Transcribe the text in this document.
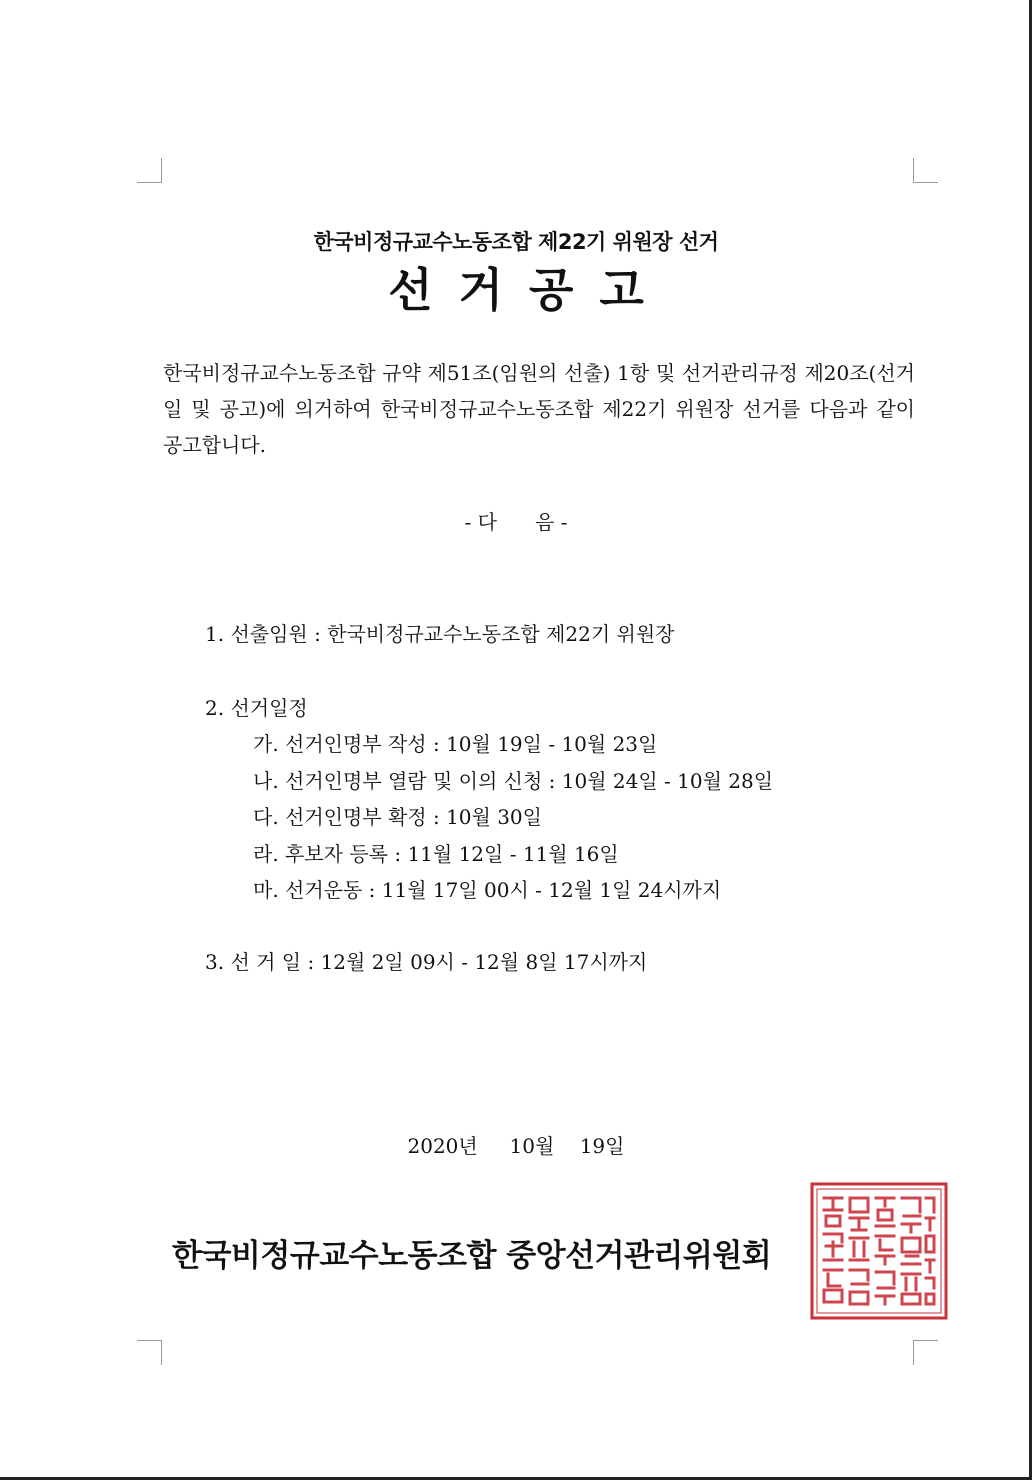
한국비정규교수노동조합 제22기 위원장 선거
선거공고
한국비정규교수노동조합 규약 제51조(임원의 선출) 1항 및 선거관리규정 제20조(선거일 및 공고)에 의거하여 한국비정규교수노동조합 제22기 위원장 선거를 다음과 같이 공고합니다.
- 다      음 -
1. 선출임원 : 한국비정규교수노동조합 제22기 위원장
2. 선거일정
가. 선거인명부 작성 : 10월 19일 - 10월 23일
나. 선거인명부 열람 및 이의 신청 : 10월 24일 - 10월 28일
다. 선거인명부 확정 : 10월 30일
라. 후보자 등록 : 11월 12일 - 11월 16일
마. 선거운동 : 11월 17일 00시 - 12월 1일 24시까지
3. 선 거 일 : 12월 2일 09시 - 12월 8일 17시까지
2020년     10월    19일
한국비정규교수노동조합 중앙선거관리위원회
